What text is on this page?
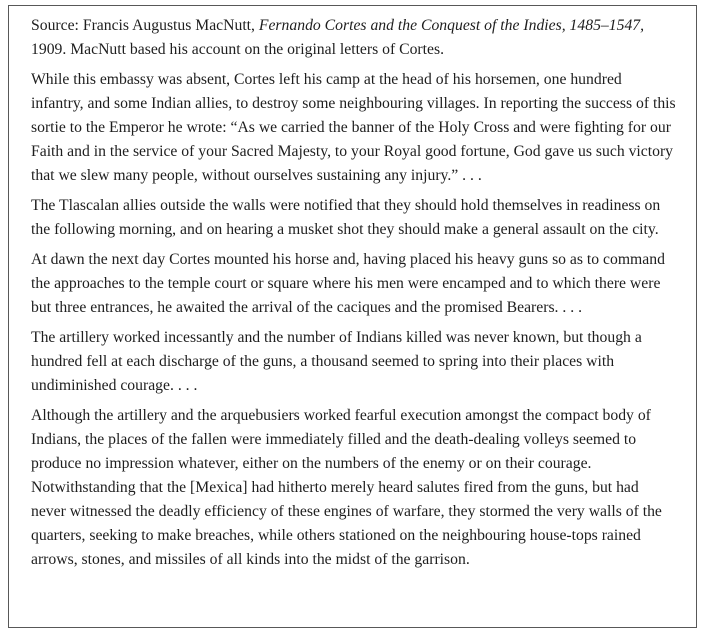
Source: Francis Augustus MacNutt, Fernando Cortes and the Conquest of the Indies, 1485–1547, 1909. MacNutt based his account on the original letters of Cortes.

While this embassy was absent, Cortes left his camp at the head of his horsemen, one hundred infantry, and some Indian allies, to destroy some neighbouring villages. In reporting the success of this sortie to the Emperor he wrote: “As we carried the banner of the Holy Cross and were fighting for our Faith and in the service of your Sacred Majesty, to your Royal good fortune, God gave us such victory that we slew many people, without ourselves sustaining any injury.” . . .

The Tlascalan allies outside the walls were notified that they should hold themselves in readiness on the following morning, and on hearing a musket shot they should make a general assault on the city.

At dawn the next day Cortes mounted his horse and, having placed his heavy guns so as to command the approaches to the temple court or square where his men were encamped and to which there were but three entrances, he awaited the arrival of the caciques and the promised Bearers. . . .

The artillery worked incessantly and the number of Indians killed was never known, but though a hundred fell at each discharge of the guns, a thousand seemed to spring into their places with undiminished courage. . . .

Although the artillery and the arquebusiers worked fearful execution amongst the compact body of Indians, the places of the fallen were immediately filled and the death-dealing volleys seemed to produce no impression whatever, either on the numbers of the enemy or on their courage. Notwithstanding that the [Mexica] had hitherto merely heard salutes fired from the guns, but had never witnessed the deadly efficiency of these engines of warfare, they stormed the very walls of the quarters, seeking to make breaches, while others stationed on the neighbouring house-tops rained arrows, stones, and missiles of all kinds into the midst of the garrison.
